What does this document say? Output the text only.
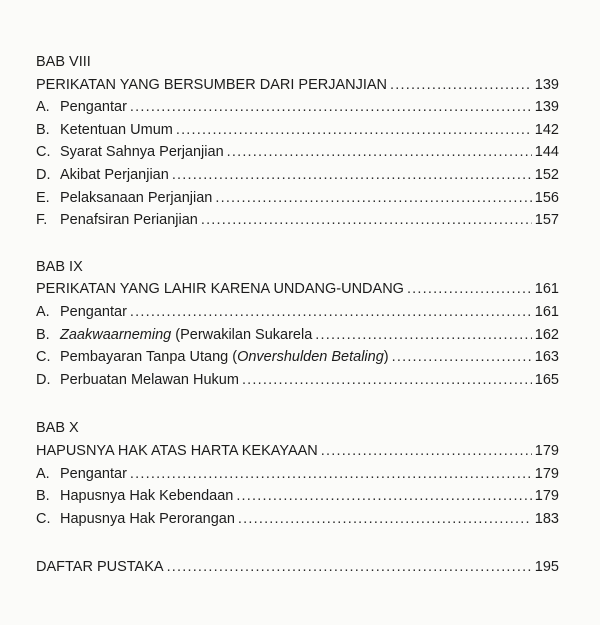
BAB VIII
PERIKATAN YANG BERSUMBER DARI PERJANJIAN .....	139
A. Pengantar .....	139
B. Ketentuan Umum .....	142
C. Syarat Sahnya Perjanjian .....	144
D. Akibat Perjanjian .....	152
E. Pelaksanaan Perjanjian .....	156
F. Penafsiran Perianjian .....	157
BAB IX
PERIKATAN YANG LAHIR KARENA UNDANG-UNDANG .....	161
A. Pengantar .....	161
B. Zaakwaarneming (Perwakilan Sukarela .....	162
C. Pembayaran Tanpa Utang (Onvershulden Betaling) .....	163
D. Perbuatan Melawan Hukum .....	165
BAB X
HAPUSNYA HAK ATAS HARTA KEKAYAAN .....	179
A. Pengantar .....	179
B. Hapusnya Hak Kebendaan .....	179
C. Hapusnya Hak Perorangan .....	183
DAFTAR PUSTAKA .....	195
